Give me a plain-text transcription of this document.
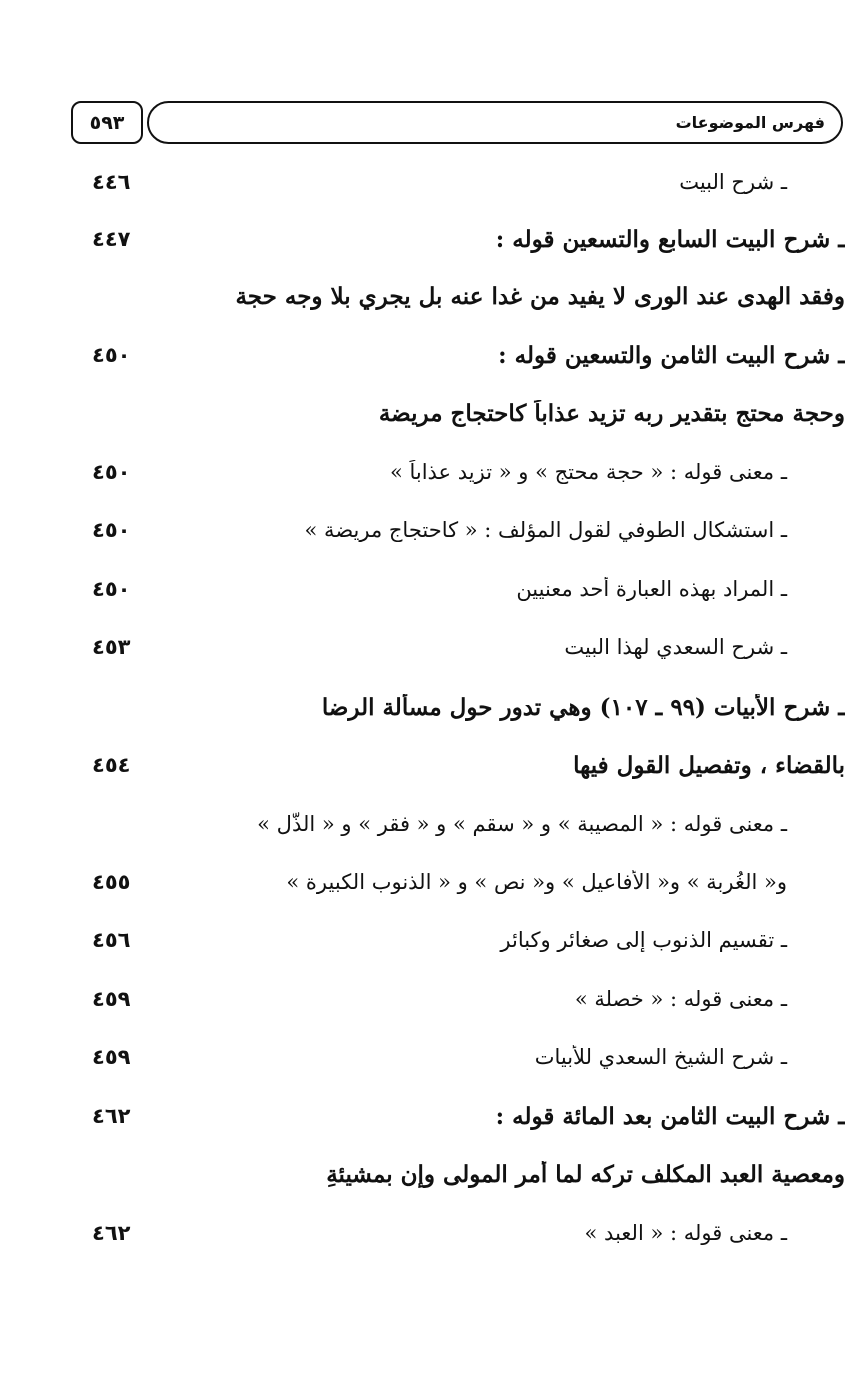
٥٩٣	فهرس الموضوعات
ـ شرح البيت
٤٤٦
ـ شرح البيت السابع والتسعين قوله :
٤٤٧
وفقد الهدى عند الورى لا يفيد من غدا عنه بل يجري بلا وجه حجة
ـ شرح البيت الثامن والتسعين قوله :
٤٥٠
وحجة محتج بتقدير ربه تزيد عذاباً كاحتجاج مريضة
ـ معنى قوله : « حجة محتج » و « تزيد عذاباً »
٤٥٠
ـ استشكال الطوفي لقول المؤلف : « كاحتجاج مريضة »
٤٥٠
ـ المراد بهذه العبارة أحد معنيين
٤٥٠
ـ شرح السعدي لهذا البيت
٤٥٣
ـ شرح الأبيات (٩٩ ـ ١٠٧) وهي تدور حول مسألة الرضا
بالقضاء ، وتفصيل القول فيها
٤٥٤
ـ معنى قوله : « المصيبة » و « سقم » و « فقر » و « الذُّل »
و« الغُربة » و« الأفاعيل » و« نص » و « الذنوب الكبيرة »
٤٥٥
ـ تقسيم الذنوب إلى صغائر وكبائر
٤٥٦
ـ معنى قوله : « خصلة »
٤٥٩
ـ شرح الشيخ السعدي للأبيات
٤٥٩
ـ شرح البيت الثامن بعد المائة قوله :
٤٦٢
ومعصية العبد المكلف تركه لما أمر المولى وإن بمشيئةِ
ـ معنى قوله : « العبد »
٤٦٢
